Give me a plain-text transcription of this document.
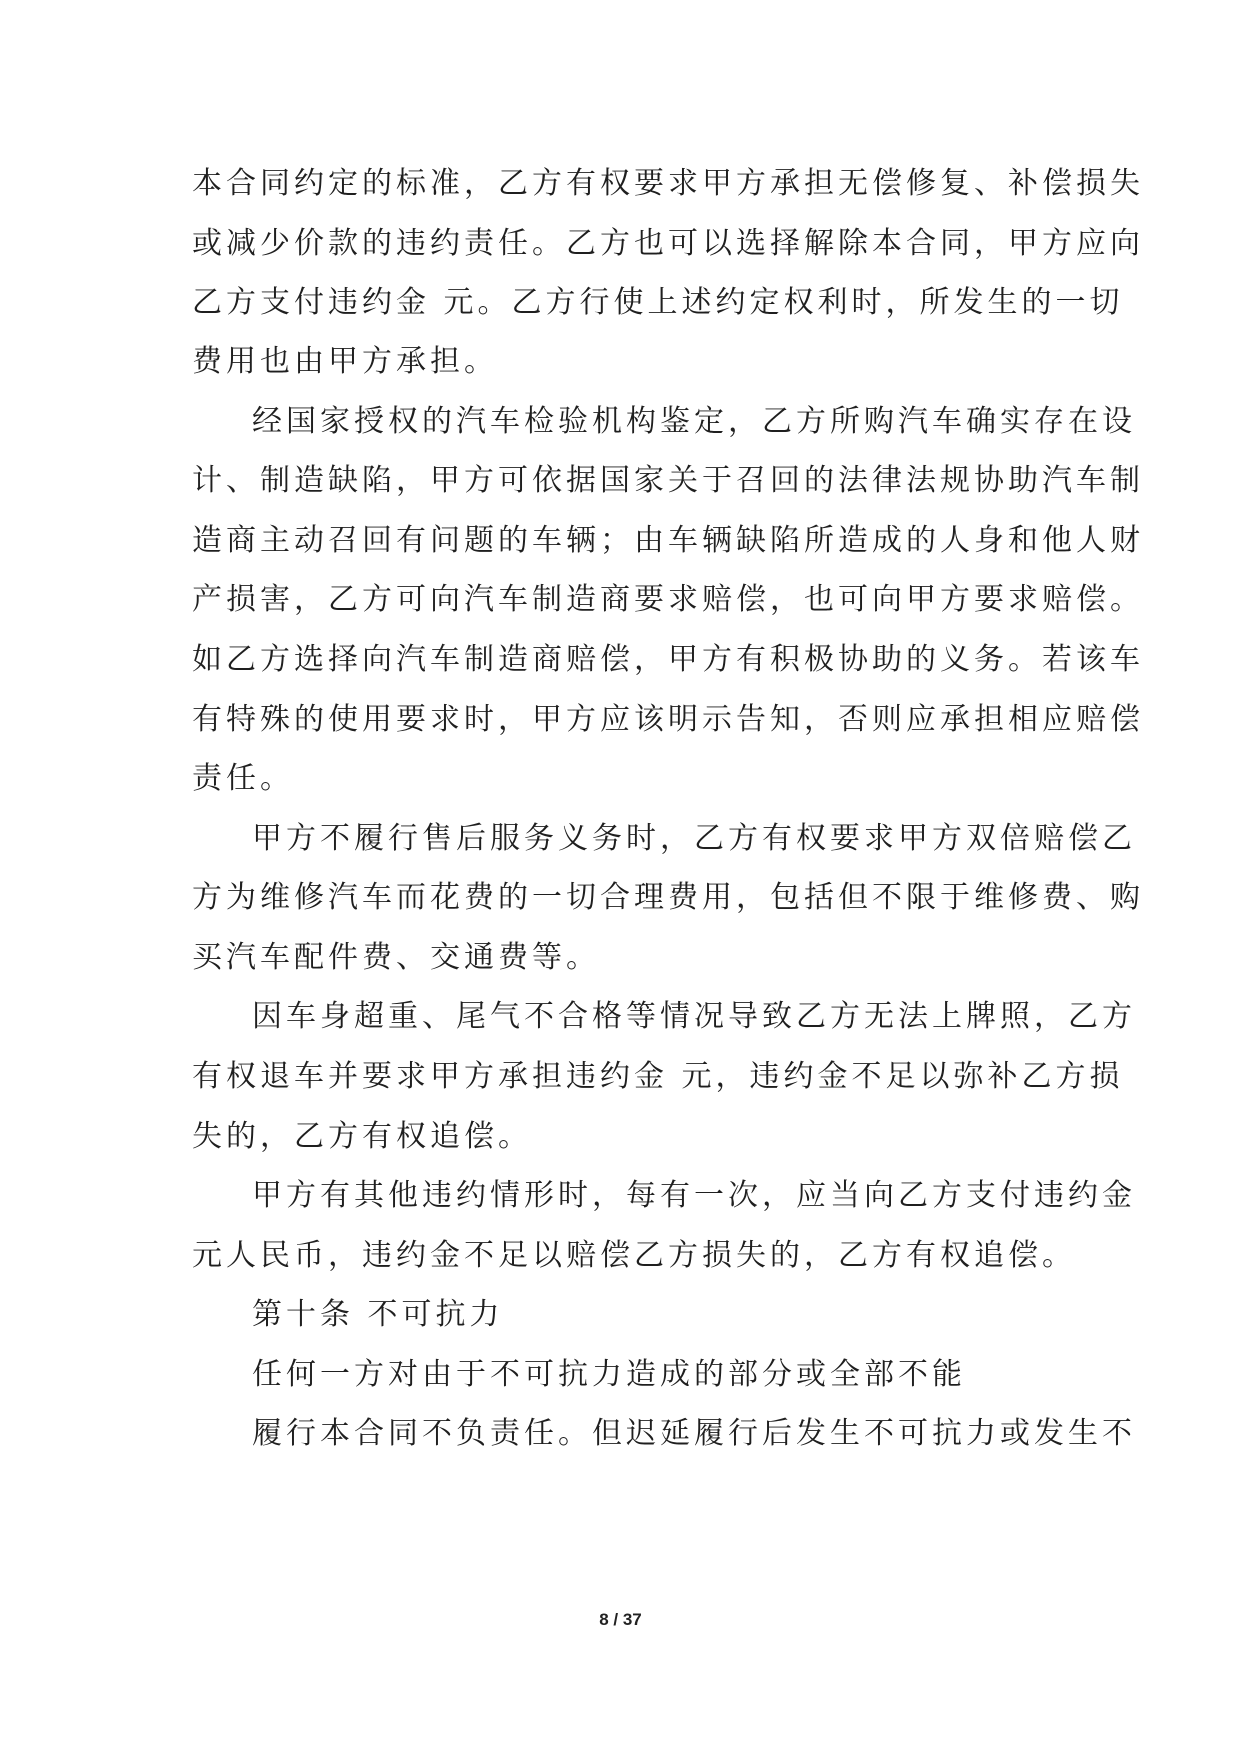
本合同约定的标准，乙方有权要求甲方承担无偿修复、补偿损失
或减少价款的违约责任。乙方也可以选择解除本合同，甲方应向
乙方支付违约金 元。乙方行使上述约定权利时，所发生的一切
费用也由甲方承担。
经国家授权的汽车检验机构鉴定，乙方所购汽车确实存在设
计、制造缺陷，甲方可依据国家关于召回的法律法规协助汽车制
造商主动召回有问题的车辆；由车辆缺陷所造成的人身和他人财
产损害，乙方可向汽车制造商要求赔偿，也可向甲方要求赔偿。
如乙方选择向汽车制造商赔偿，甲方有积极协助的义务。若该车
有特殊的使用要求时，甲方应该明示告知，否则应承担相应赔偿
责任。
甲方不履行售后服务义务时，乙方有权要求甲方双倍赔偿乙
方为维修汽车而花费的一切合理费用，包括但不限于维修费、购
买汽车配件费、交通费等。
因车身超重、尾气不合格等情况导致乙方无法上牌照，乙方
有权退车并要求甲方承担违约金 元，违约金不足以弥补乙方损
失的，乙方有权追偿。
甲方有其他违约情形时，每有一次，应当向乙方支付违约金
元人民币，违约金不足以赔偿乙方损失的，乙方有权追偿。
第十条 不可抗力
任何一方对由于不可抗力造成的部分或全部不能
履行本合同不负责任。但迟延履行后发生不可抗力或发生不
8 / 37
